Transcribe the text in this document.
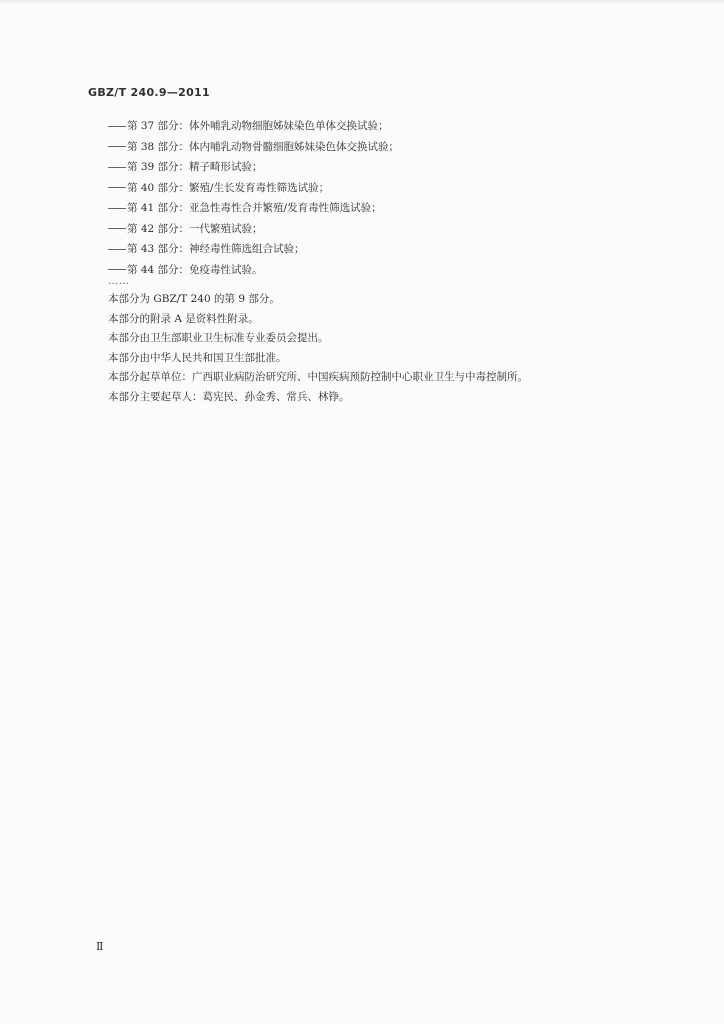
GBZ/T 240.9—2011
第 37 部分：体外哺乳动物细胞姊妹染色单体交换试验；
第 38 部分：体内哺乳动物骨髓细胞姊妹染色体交换试验；
第 39 部分：精子畸形试验；
第 40 部分：繁殖/生长发育毒性筛选试验；
第 41 部分：亚急性毒性合并繁殖/发育毒性筛选试验；
第 42 部分：一代繁殖试验；
第 43 部分：神经毒性筛选组合试验；
第 44 部分：免疫毒性试验。
……
本部分为 GBZ/T 240 的第 9 部分。
本部分的附录 A 是资料性附录。
本部分由卫生部职业卫生标准专业委员会提出。
本部分由中华人民共和国卫生部批准。
本部分起草单位：广西职业病防治研究所、中国疾病预防控制中心职业卫生与中毒控制所。
本部分主要起草人：葛宪民、孙金秀、常兵、林铮。
Ⅱ
